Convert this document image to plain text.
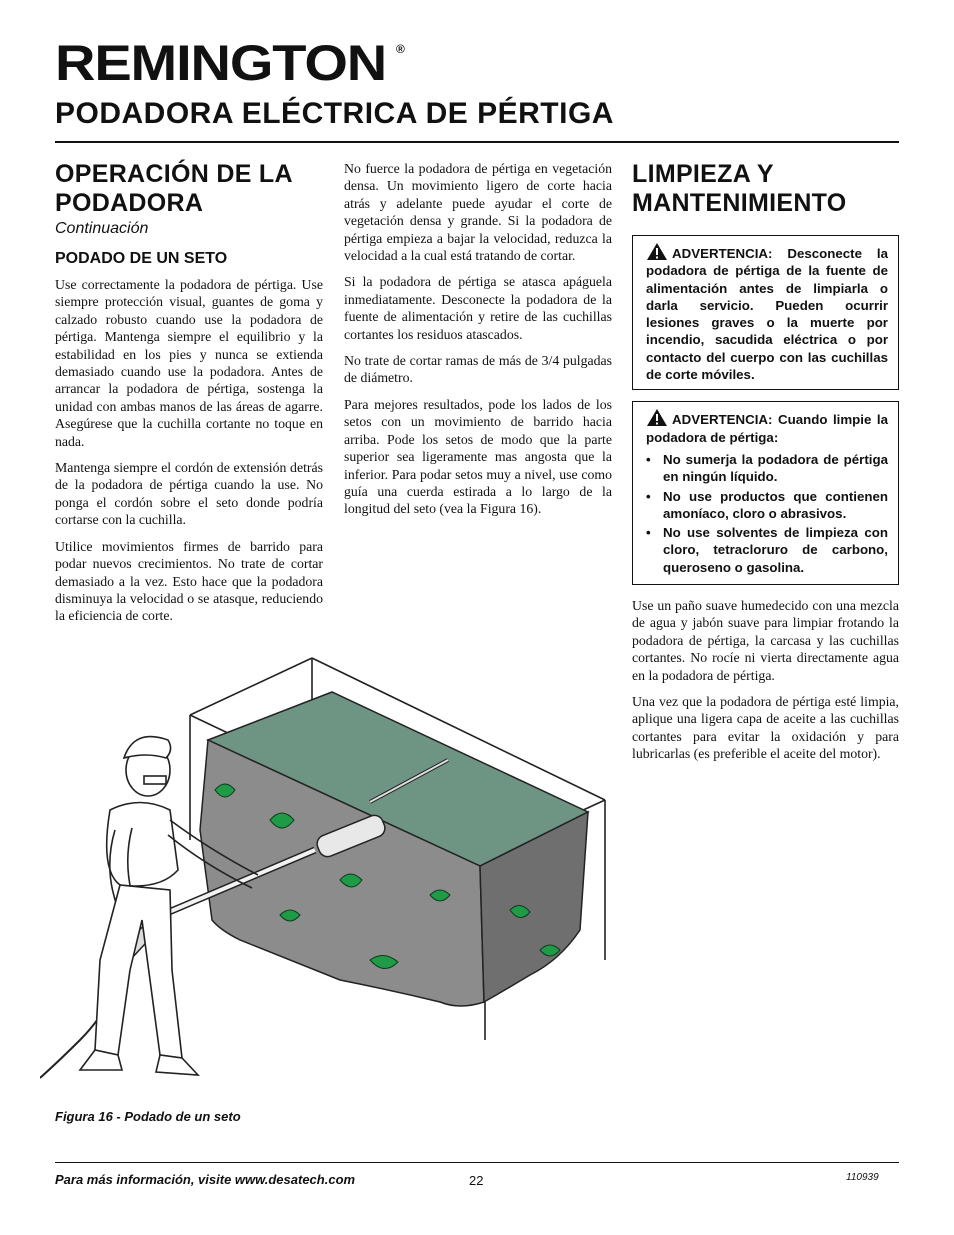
REMINGTON ®
PODADORA ELÉCTRICA DE PÉRTIGA
OPERACIÓN DE LA
PODADORA
Continuación
PODADO DE UN SETO

Use correctamente la podadora de pértiga. Use siempre protección visual, guantes de goma y calzado robusto cuando use la podadora de pértiga. Mantenga siempre el equilibrio y la estabilidad en los pies y nunca se extienda demasiado cuando use la podadora. Antes de arrancar la podadora de pértiga, sostenga la unidad con ambas manos de las áreas de agarre. Asegúrese que la cuchilla cortante no toque en nada.

Mantenga siempre el cordón de extensión detrás de la podadora de pértiga cuando la use. No ponga el cordón sobre el seto donde podría cortarse con la cuchilla.

Utilice movimientos firmes de barrido para podar nuevos crecimientos. No trate de cortar demasiado a la vez. Esto hace que la podadora disminuya la velocidad o se atasque, reduciendo la eficiencia de corte.

No fuerce la podadora de pértiga en vegetación densa. Un movimiento ligero de corte hacia atrás y adelante puede ayudar el corte de vegetación densa y grande. Si la podadora de pértiga empieza a bajar la velocidad, reduzca la velocidad a la cual está tratando de cortar.

Si la podadora de pértiga se atasca apáguela inmediatamente. Desconecte la podadora de la fuente de alimentación y retire de las cuchillas cortantes los residuos atascados.

No trate de cortar ramas de más de 3/4 pulgadas de diámetro.

Para mejores resultados, pode los lados de los setos con un movimiento de barrido hacia arriba. Pode los setos de modo que la parte superior sea ligeramente mas angosta que la inferior. Para podar setos muy a nivel, use como guía una cuerda estirada a lo largo de la longitud del seto (vea la Figura 16).

LIMPIEZA Y
MANTENIMIENTO
ADVERTENCIA: Desconecte la podadora de pértiga de la fuente de alimentación antes de limpiarla o darla servicio. Pueden ocurrir lesiones graves o la muerte por incendio, sacudida eléctrica o por contacto del cuerpo con las cuchillas de corte móviles.
ADVERTENCIA: Cuando limpie la podadora de pértiga:
• No sumerja la podadora de pértiga en ningún líquido.
• No use productos que contienen amoníaco, cloro o abrasivos.
• No use solventes de limpieza con cloro, tetracloruro de carbono, queroseno o gasolina.

Use un paño suave humedecido con una mezcla de agua y jabón suave para limpiar frotando la podadora de pértiga, la carcasa y las cuchillas cortantes. No rocíe ni vierta directamente agua en la podadora de pértiga.

Una vez que la podadora de pértiga esté limpia, aplique una ligera capa de aceite a las cuchillas cortantes para evitar la oxidación y para lubricarlas (es preferible el aceite del motor).

Figura 16 - Podado de un seto
Para más información, visite www.desatech.com	22	110939
